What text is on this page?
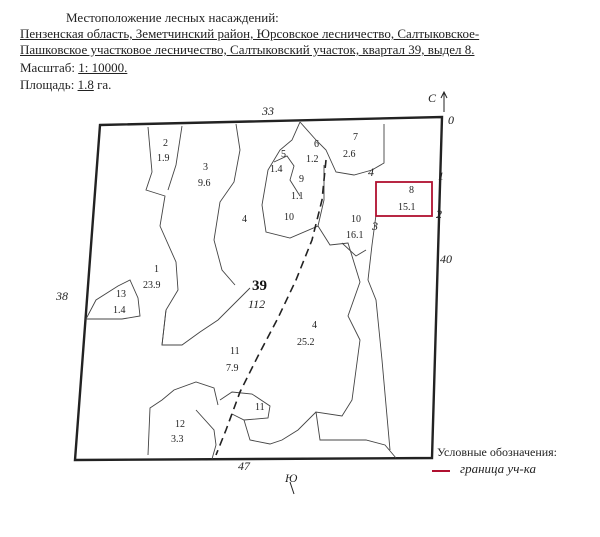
Местоположение лесных насаждений:
Пензенская область, Земетчинский район, Юрсовское лесничество, Салтыковское-
Пашковское участковое лесничество, Салтыковский участок, квартал 39, выдел 8.
Масштаб: 1: 10000.
Площадь: 1.8 га.
33
40
47
38
С
0
Ю
1
2
3
4
39
112
1
23.9
2
1.9
3
9.6
4
4
25.2
5
1.4
6
1.2
7
2.6
8
15.1
9
1.1
10	10
16.1
11
7.9
11
12
3.3
13
1.4
Условные обозначения:
граница уч-ка
